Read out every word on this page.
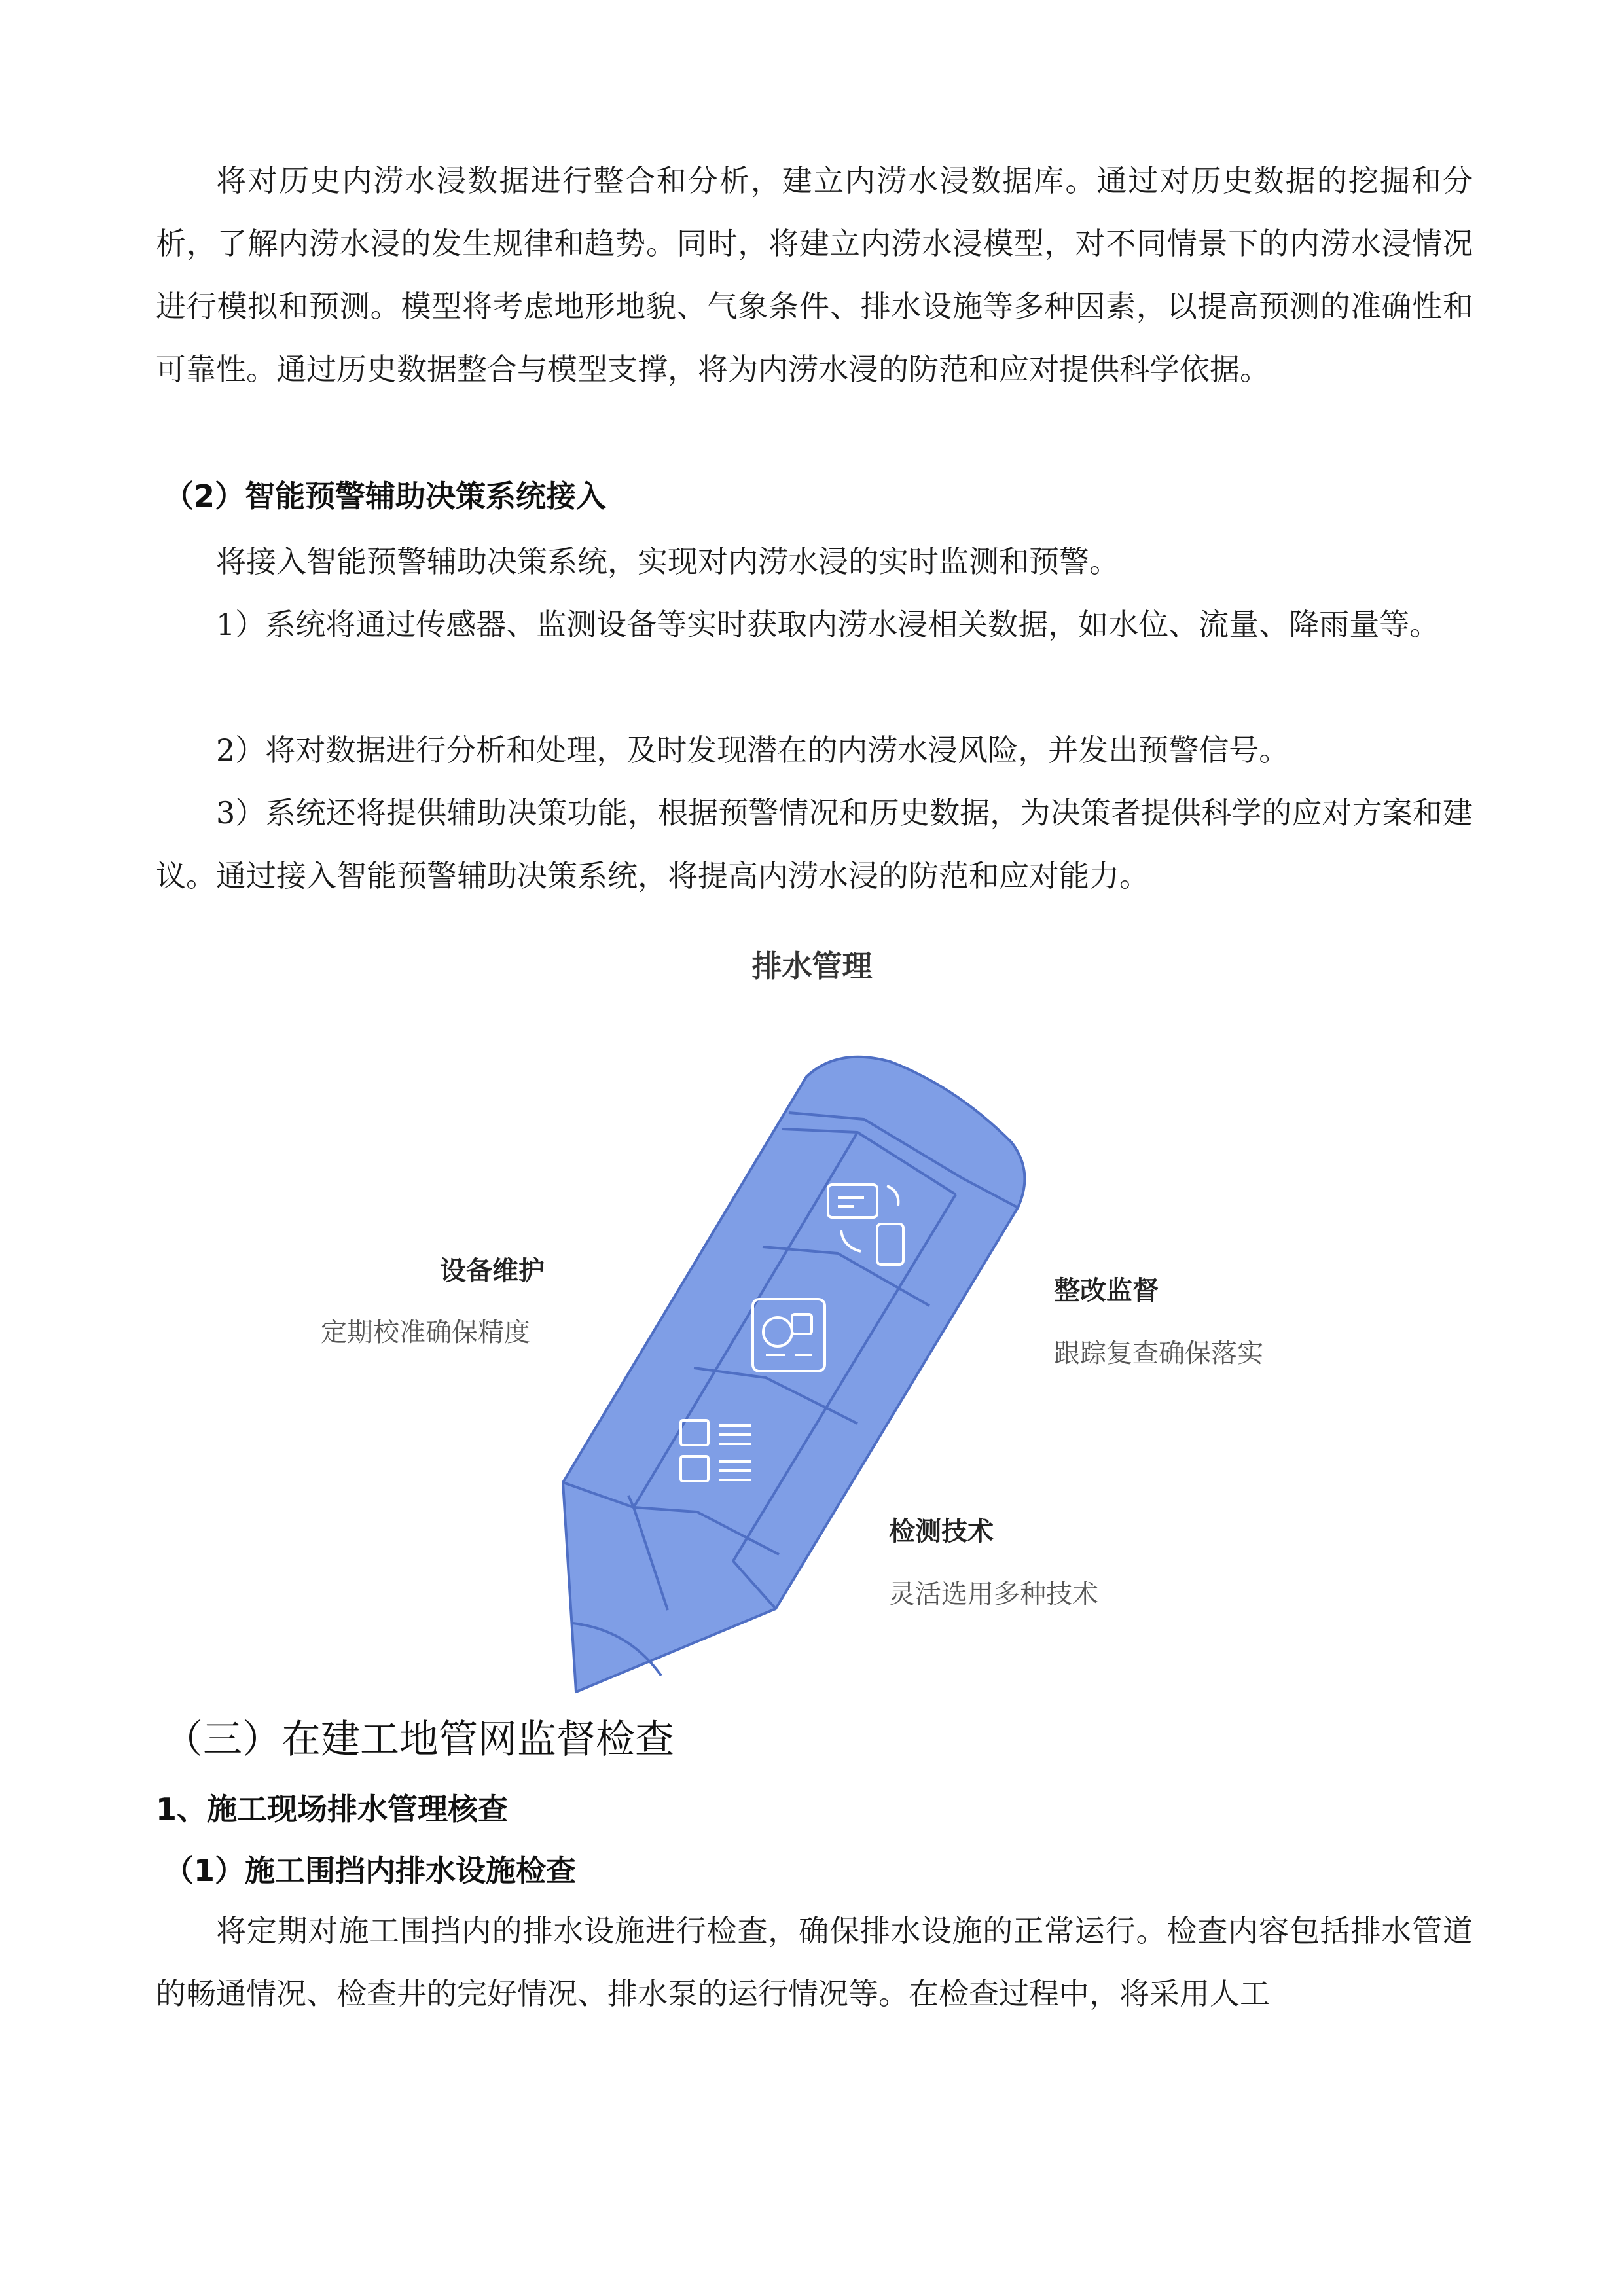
将对历史内涝水浸数据进行整合和分析，建立内涝水浸数据库。通过对历史数据的挖掘和分析，了解内涝水浸的发生规律和趋势。同时，将建立内涝水浸模型，对不同情景下的内涝水浸情况进行模拟和预测。模型将考虑地形地貌、气象条件、排水设施等多种因素，以提高预测的准确性和可靠性。通过历史数据整合与模型支撑，将为内涝水浸的防范和应对提供科学依据。

（2）智能预警辅助决策系统接入

将接入智能预警辅助决策系统，实现对内涝水浸的实时监测和预警。

1）系统将通过传感器、监测设备等实时获取内涝水浸相关数据，如水位、流量、降雨量等。

2）将对数据进行分析和处理，及时发现潜在的内涝水浸风险，并发出预警信号。

3）系统还将提供辅助决策功能，根据预警情况和历史数据，为决策者提供科学的应对方案和建议。通过接入智能预警辅助决策系统，将提高内涝水浸的防范和应对能力。

排水管理
设备维护
定期校准确保精度
整改监督
跟踪复查确保落实
检测技术
灵活选用多种技术

（三）在建工地管网监督检查

1、施工现场排水管理核查

（1）施工围挡内排水设施检查

将定期对施工围挡内的排水设施进行检查，确保排水设施的正常运行。检查内容包括排水管道的畅通情况、检查井的完好情况、排水泵的运行情况等。在检查过程中，将采用人工
